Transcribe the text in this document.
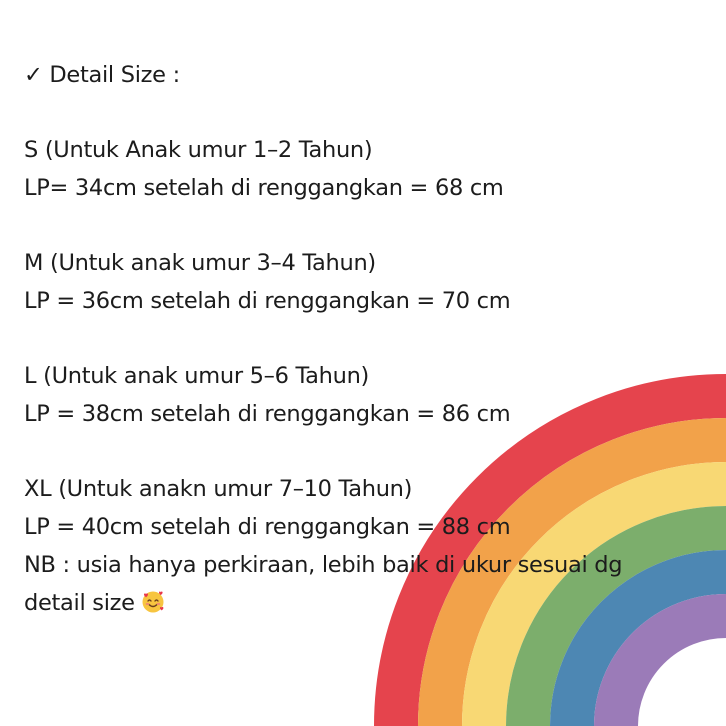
✓ Detail Size :
S (Untuk Anak umur 1–2 Tahun)
LP= 34cm setelah di renggangkan = 68 cm
M (Untuk anak umur 3–4 Tahun)
LP = 36cm setelah di renggangkan = 70 cm
L (Untuk anak umur 5–6 Tahun)
LP = 38cm setelah di renggangkan = 86 cm
XL (Untuk anakn umur 7–10 Tahun)
LP = 40cm setelah di renggangkan = 88 cm
NB : usia hanya perkiraan, lebih baik di ukur sesuai dg
detail size
